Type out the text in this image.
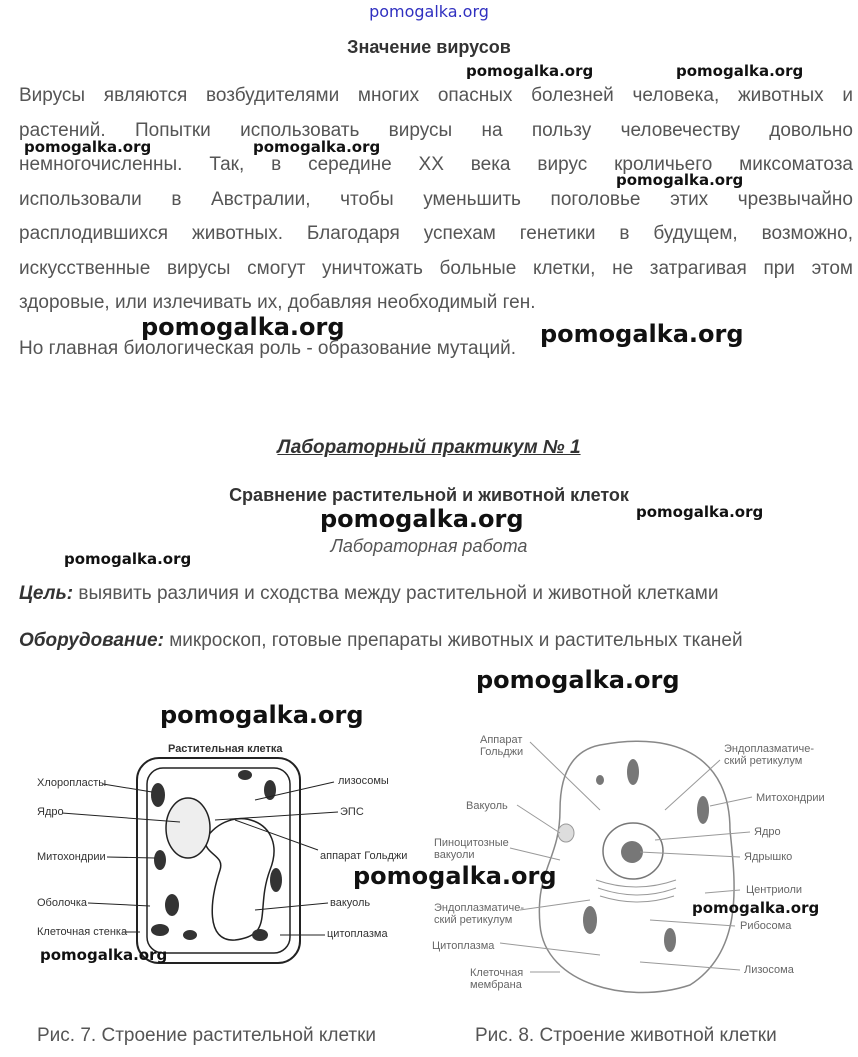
pomogalka.org
Значение вирусов
Вирусы являются возбудителями многих опасных болезней человека, животных и
растений. Попытки использовать вирусы на пользу человечеству довольно
немногочисленны. Так, в середине XX века вирус кроличьего миксоматоза
использовали в Австралии, чтобы уменьшить поголовье этих чрезвычайно
расплодившихся животных. Благодаря успехам генетики в будущем, возможно,
искусственные вирусы смогут уничтожать больные клетки, не затрагивая при этом
здоровые, или излечивать их, добавляя необходимый ген.
Но главная биологическая роль - образование мутаций.
Лабораторный практикум № 1
Сравнение растительной и животной клеток
Лабораторная работа
Цель: выявить различия и сходства между растительной и животной клетками
Оборудование: микроскоп, готовые препараты животных и растительных тканей
Растительная клетка
Хлоропласты
Ядро
Митохондрии
Оболочка
Клеточная стенка
лизосомы
ЭПС
аппарат Гольджи
вакуоль
цитоплазма
Аппарат
Гольджи
Вакуоль
Пиноцитозные
вакуоли
Эндоплазматиче-
ский ретикулум
Цитоплазма
Клеточная
мембрана
Эндоплазматиче-
ский ретикулум
Митохондрии
Ядро
Ядрышко
Центриоли
Рибосома
Лизосома
Рис. 7. Строение растительной клетки	Рис. 8. Строение животной клетки
pomogalka.org	pomogalka.org
pomogalka.org	pomogalka.org
pomogalka.org
pomogalka.org	pomogalka.org
pomogalka.org	pomogalka.org
pomogalka.org
pomogalka.org
pomogalka.org
pomogalka.org
pomogalka.org
pomogalka.org
